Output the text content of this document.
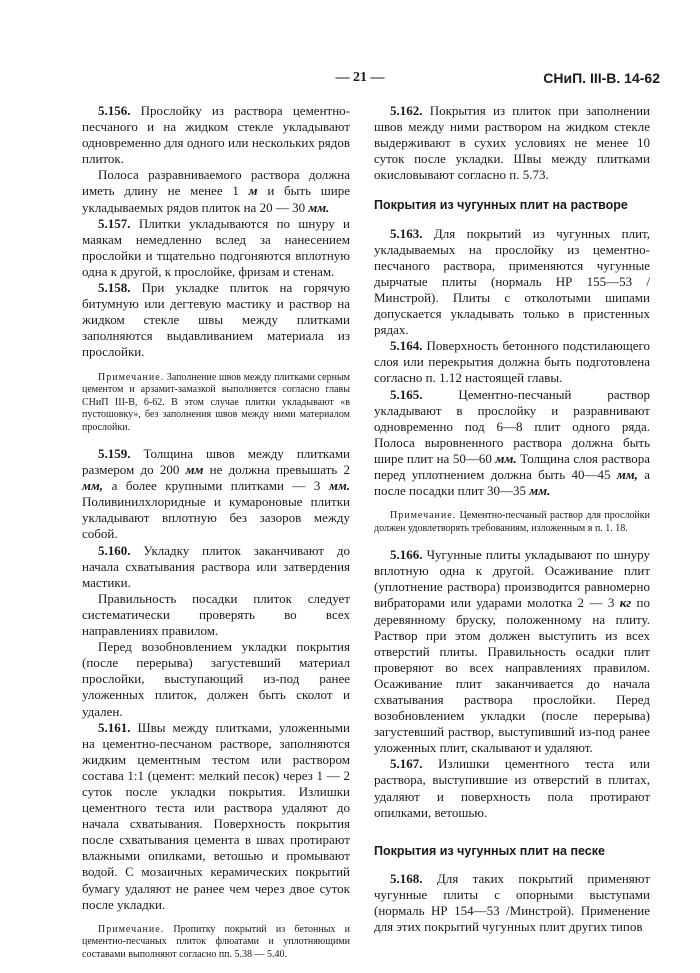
— 21 —	СНиП. III-В. 14-62

5.156. Прослойку из раствора цементно-песчаного и на жидком стекле укладывают одновременно для одного или нескольких рядов плиток.

Полоса разравниваемого раствора должна иметь длину не менее 1 м и быть шире укладываемых рядов плиток на 20 — 30 мм.

5.157. Плитки укладываются по шнуру и маякам немедленно вслед за нанесением прослойки и тщательно подгоняются вплотную одна к другой, к прослойке, фризам и стенам.

5.158. При укладке плиток на горячую битумную или дегтевую мастику и раствор на жидком стекле швы между плитками заполняются выдавливанием материала из прослойки.

Примечание. Заполнение швов между плитками серным цементом и арзамит-замазкой выполняется согласно главы СНиП III-В, 6-62. В этом случае плитки укладывают «в пустошовку», без заполнения швов между ними материалом прослойки.

5.159. Толщина швов между плитками размером до 200 мм не должна превышать 2 мм, а более крупными плитками — 3 мм. Поливинилхлоридные и кумароновые плитки укладывают вплотную без зазоров между собой.

5.160. Укладку плиток заканчивают до начала схватывания раствора или затвердения мастики.

Правильность посадки плиток следует систематически проверять во всех направлениях правилом.

Перед возобновлением укладки покрытия (после перерыва) загустевший материал прослойки, выступающий из-под ранее уложенных плиток, должен быть сколот и удален.

5.161. Швы между плитками, уложенными на цементно-песчаном растворе, заполняются жидким цементным тестом или раствором состава 1:1 (цемент: мелкий песок) через 1 — 2 суток после укладки покрытия. Излишки цементного теста или раствора удаляют до начала схватывания. Поверхность покрытия после схватывания цемента в швах протирают влажными опилками, ветошью и промывают водой. С мозаичных керамических покрытий бумагу удаляют не ранее чем через двое суток после укладки.

Примечание. Пропитку покрытий из бетонных и цементно-песчаных плиток флюатами и уплотняющими составами выполняют согласно пп. 5.38 — 5.40.

5.162. Покрытия из плиток при заполнении швов между ними раствором на жидком стекле выдерживают в сухих условиях не менее 10 суток после укладки. Швы между плитками окисловывают согласно п. 5.73.

Покрытия из чугунных плит на растворе

5.163. Для покрытий из чугунных плит, укладываемых на прослойку из цементно-песчаного раствора, применяются чугунные дырчатые плиты (нормаль НР 155—53 /Минстрой). Плиты с отколотыми шипами допускается укладывать только в пристенных рядах.

5.164. Поверхность бетонного подстилающего слоя или перекрытия должна быть подготовлена согласно п. 1.12 настоящей главы.

5.165. Цементно-песчаный раствор укладывают в прослойку и разравнивают одновременно под 6—8 плит одного ряда. Полоса выровненного раствора должна быть шире плит на 50—60 мм. Толщина слоя раствора перед уплотнением должна быть 40—45 мм, а после посадки плит 30—35 мм.

Примечание. Цементно-песчаный раствор для прослойки должен удовлетворять требованиям, изложенным в п. 1. 18.

5.166. Чугунные плиты укладывают по шнуру вплотную одна к другой. Осаживание плит (уплотнение раствора) производится равномерно вибраторами или ударами молотка 2 — 3 кг по деревянному бруску, положенному на плиту. Раствор при этом должен выступить из всех отверстий плиты. Правильность осадки плит проверяют во всех направлениях правилом. Осаживание плит заканчивается до начала схватывания раствора прослойки. Перед возобновлением укладки (после перерыва) загустевший раствор, выступивший из-под ранее уложенных плит, скалывают и удаляют.

5.167. Излишки цементного теста или раствора, выступившие из отверстий в плитах, удаляют и поверхность пола протирают опилками, ветошью.

Покрытия из чугунных плит на песке

5.168. Для таких покрытий применяют чугунные плиты с опорными выступами (нормаль НР 154—53 /Минстрой). Применение для этих покрытий чугунных плит других типов
